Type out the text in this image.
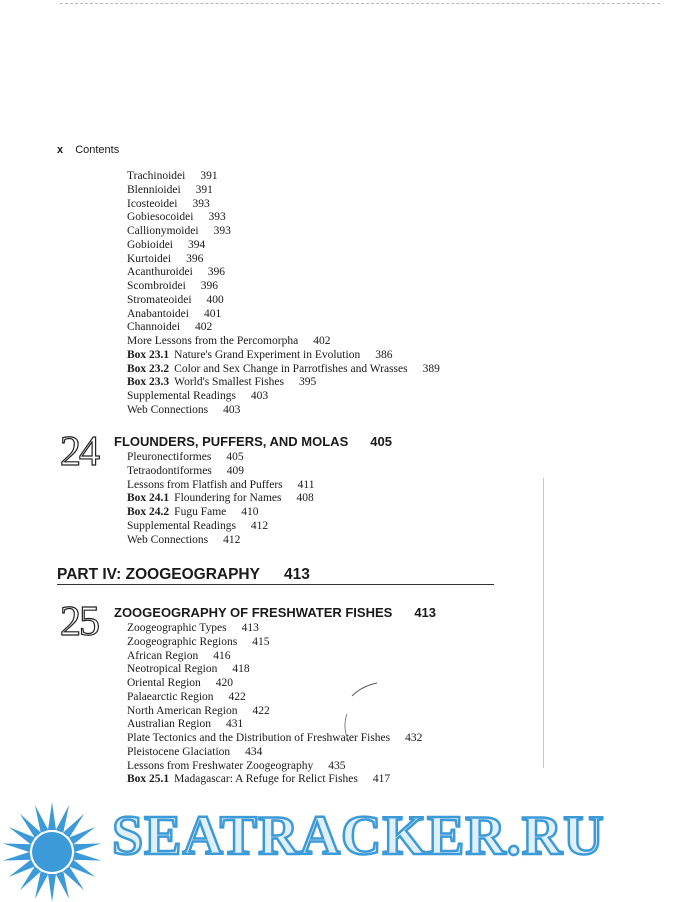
x Contents
Trachinoidei 391
Blennioidei 391
Icosteoidei 393
Gobiesocoidei 393
Callionymoidei 393
Gobioidei 394
Kurtoidei 396
Acanthuroidei 396
Scombroidei 396
Stromateoidei 400
Anabantoidei 401
Channoidei 402
More Lessons from the Percomorpha 402
Box 23.1 Nature's Grand Experiment in Evolution 386
Box 23.2 Color and Sex Change in Parrotfishes and Wrasses 389
Box 23.3 World's Smallest Fishes 395
Supplemental Readings 403
Web Connections 403
24 FLOUNDERS, PUFFERS, AND MOLAS 405
Pleuronectiformes 405
Tetraodontiformes 409
Lessons from Flatfish and Puffers 411
Box 24.1 Floundering for Names 408
Box 24.2 Fugu Fame 410
Supplemental Readings 412
Web Connections 412
PART IV: ZOOGEOGRAPHY 413
25 ZOOGEOGRAPHY OF FRESHWATER FISHES 413
Zoogeographic Types 413
Zoogeographic Regions 415
African Region 416
Neotropical Region 418
Oriental Region 420
Palaearctic Region 422
North American Region 422
Australian Region 431
Plate Tectonics and the Distribution of Freshwater Fishes 432
Pleistocene Glaciation 434
Lessons from Freshwater Zoogeography 435
Box 25.1 Madagascar: A Refuge for Relict Fishes 417
SEATRACKER.RU
